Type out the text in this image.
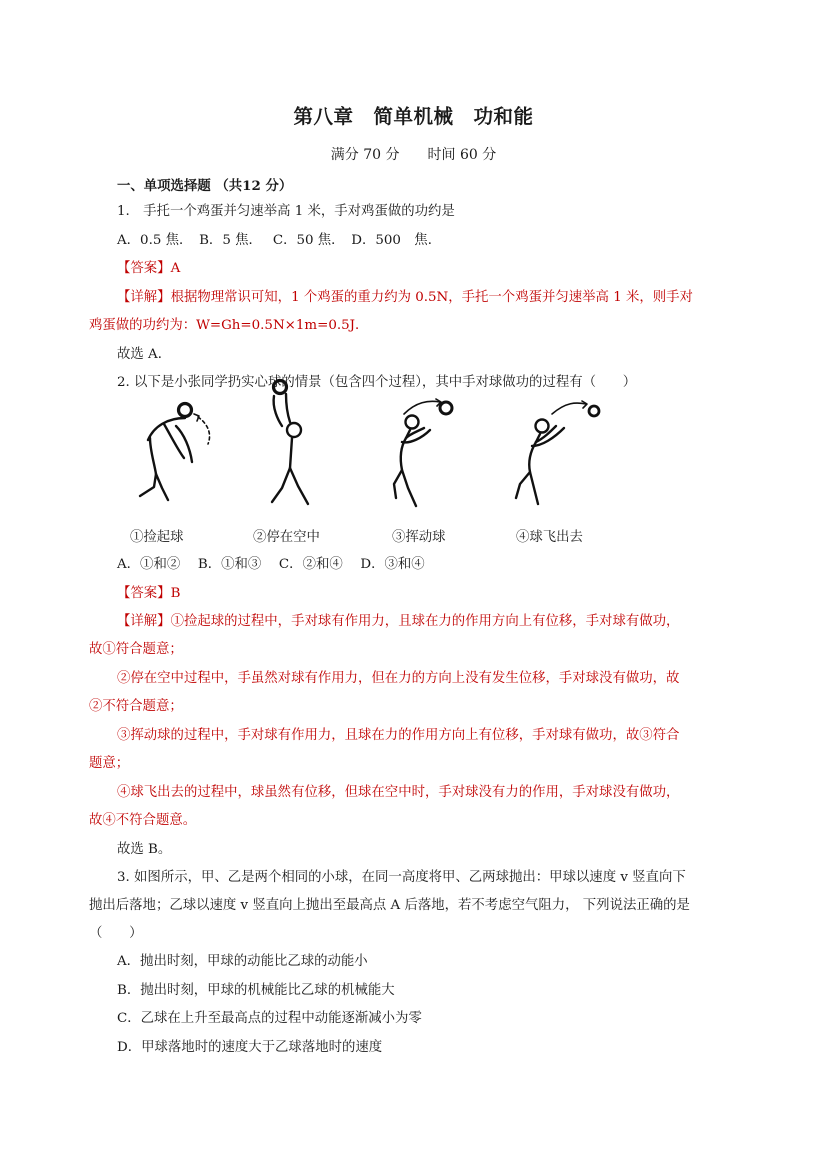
第八章　简单机械　功和能
满分 70 分　　时间 60 分
一、单项选择题 （共12 分）
1.　手托一个鸡蛋并匀速举高 1 米，手对鸡蛋做的功约是
A．0.5 焦．　B．5 焦．　 C．50 焦．　D．500　焦．
【答案】A
【详解】根据物理常识可知，1 个鸡蛋的重力约为 0.5N，手托一个鸡蛋并匀速举高 1 米，则手对
鸡蛋做的功约为：W=Gh=0.5N×1m=0.5J．
故选 A．
2. 以下是小张同学扔实心球的情景（包含四个过程），其中手对球做功的过程有（　　）
①捡起球	②停在空中	③挥动球	④球飞出去
A．①和②　 B．①和③　 C．②和④　 D．③和④
【答案】B
【详解】①捡起球的过程中，手对球有作用力，且球在力的作用方向上有位移，手对球有做功，
故①符合题意；
②停在空中过程中，手虽然对球有作用力，但在力的方向上没有发生位移，手对球没有做功，故
②不符合题意；
③挥动球的过程中，手对球有作用力，且球在力的作用方向上有位移，手对球有做功，故③符合
题意；
④球飞出去的过程中，球虽然有位移，但球在空中时，手对球没有力的作用，手对球没有做功，
故④不符合题意。
故选 B。
3. 如图所示，甲、乙是两个相同的小球，在同一高度将甲、乙两球抛出：甲球以速度 v 竖直向下
抛出后落地；乙球以速度 v 竖直向上抛出至最高点 A 后落地，若不考虑空气阻力， 下列说法正确的是
（　　）
A．抛出时刻，甲球的动能比乙球的动能小
B．抛出时刻，甲球的机械能比乙球的机械能大
C．乙球在上升至最高点的过程中动能逐渐减小为零
D．甲球落地时的速度大于乙球落地时的速度
